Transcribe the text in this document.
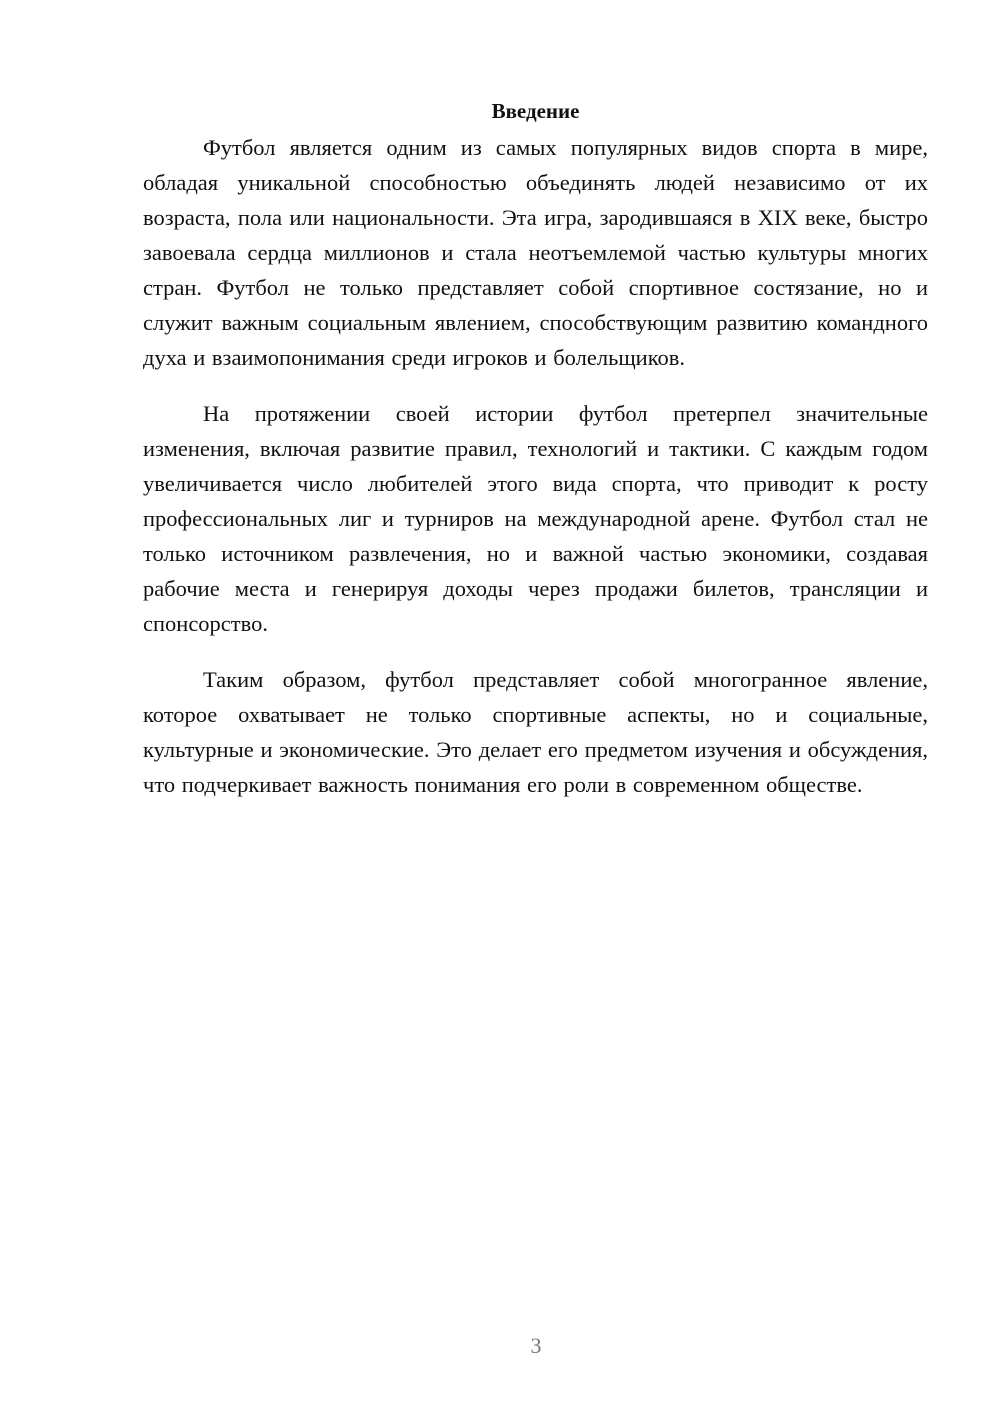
Введение

Футбол является одним из самых популярных видов спорта в мире, обладая уникальной способностью объединять людей независимо от их возраста, пола или национальности. Эта игра, зародившаяся в XIX веке, быстро завоевала сердца миллионов и стала неотъемлемой частью культуры многих стран. Футбол не только представляет собой спортивное состязание, но и служит важным социальным явлением, способствующим развитию командного духа и взаимопонимания среди игроков и болельщиков.

На протяжении своей истории футбол претерпел значительные изменения, включая развитие правил, технологий и тактики. С каждым годом увеличивается число любителей этого вида спорта, что приводит к росту профессиональных лиг и турниров на международной арене. Футбол стал не только источником развлечения, но и важной частью экономики, создавая рабочие места и генерируя доходы через продажи билетов, трансляции и спонсорство.

Таким образом, футбол представляет собой многогранное явление, которое охватывает не только спортивные аспекты, но и социальные, культурные и экономические. Это делает его предметом изучения и обсуждения, что подчеркивает важность понимания его роли в современном обществе.

3
